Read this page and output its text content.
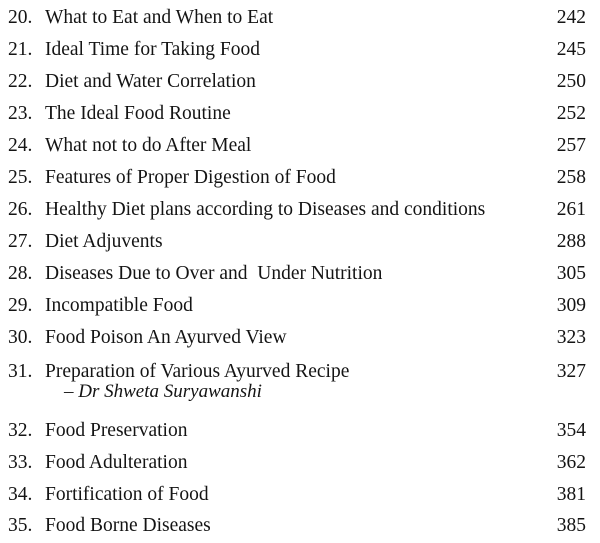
20. What to Eat and When to Eat	242
21. Ideal Time for Taking Food	245
22. Diet and Water Correlation	250
23. The Ideal Food Routine	252
24. What not to do After Meal	257
25. Features of Proper Digestion of Food	258
26. Healthy Diet plans according to Diseases and conditions	261
27. Diet Adjuvents	288
28. Diseases Due to Over and  Under Nutrition	305
29. Incompatible Food	309
30. Food Poison An Ayurved View	323
31. Preparation of Various Ayurved Recipe	327
– Dr Shweta Suryawanshi
32. Food Preservation	354
33. Food Adulteration	362
34. Fortification of Food	381
35. Food Borne Diseases	385
